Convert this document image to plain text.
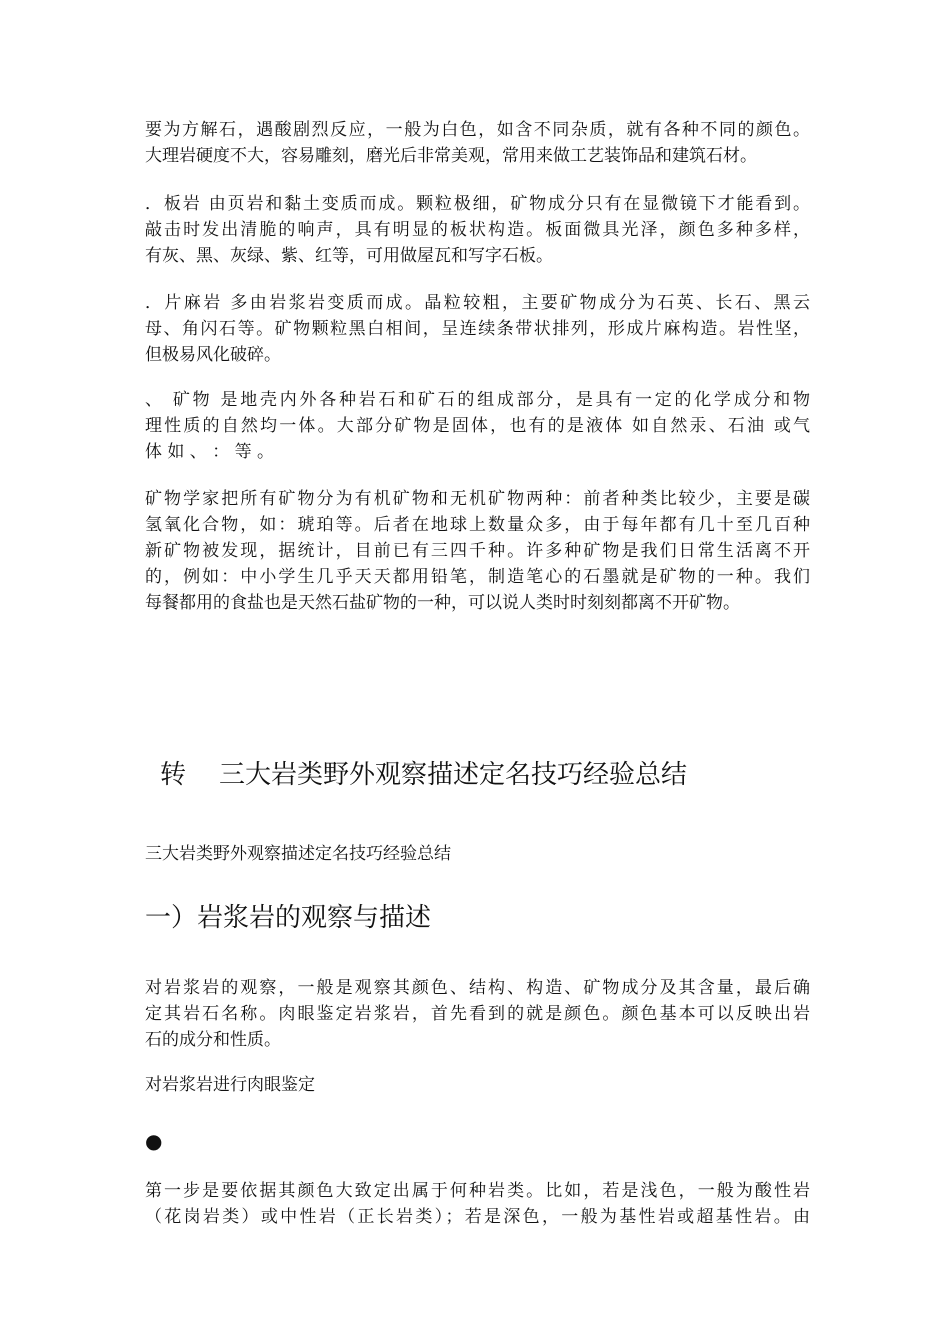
要为方解石，遇酸剧烈反应，一般为白色，如含不同杂质，就有各种不同的颜色。
大理岩硬度不大，容易雕刻，磨光后非常美观，常用来做工艺装饰品和建筑石材。
．板岩 由页岩和黏土变质而成。颗粒极细，矿物成分只有在显微镜下才能看到。
敲击时发出清脆的响声，具有明显的板状构造。板面微具光泽，颜色多种多样，
有灰、黑、灰绿、紫、红等，可用做屋瓦和写字石板。
．片麻岩 多由岩浆岩变质而成。晶粒较粗，主要矿物成分为石英、长石、黑云
母、角闪石等。矿物颗粒黑白相间，呈连续条带状排列，形成片麻构造。岩性坚，
但极易风化破碎。
、 矿物 是地壳内外各种岩石和矿石的组成部分，是具有一定的化学成分和物
理性质的自然均一体。大部分矿物是固体，也有的是液体 如自然汞、石油 或气
体 如 、 ： 等 。
矿物学家把所有矿物分为有机矿物和无机矿物两种：前者种类比较少，主要是碳
氢氧化合物，如：琥珀等。后者在地球上数量众多，由于每年都有几十至几百种
新矿物被发现，据统计，目前已有三四千种。许多种矿物是我们日常生活离不开
的，例如：中小学生几乎天天都用铅笔，制造笔心的石墨就是矿物的一种。我们
每餐都用的食盐也是天然石盐矿物的一种，可以说人类时时刻刻都离不开矿物。
转    三大岩类野外观察描述定名技巧经验总结
三大岩类野外观察描述定名技巧经验总结
一）岩浆岩的观察与描述
对岩浆岩的观察，一般是观察其颜色、结构、构造、矿物成分及其含量，最后确
定其岩石名称。肉眼鉴定岩浆岩，首先看到的就是颜色。颜色基本可以反映出岩
石的成分和性质。
对岩浆岩进行肉眼鉴定
●
第一步是要依据其颜色大致定出属于何种岩类。比如，若是浅色，一般为酸性岩
（花岗岩类）或中性岩（正长岩类）；若是深色，一般为基性岩或超基性岩。由
